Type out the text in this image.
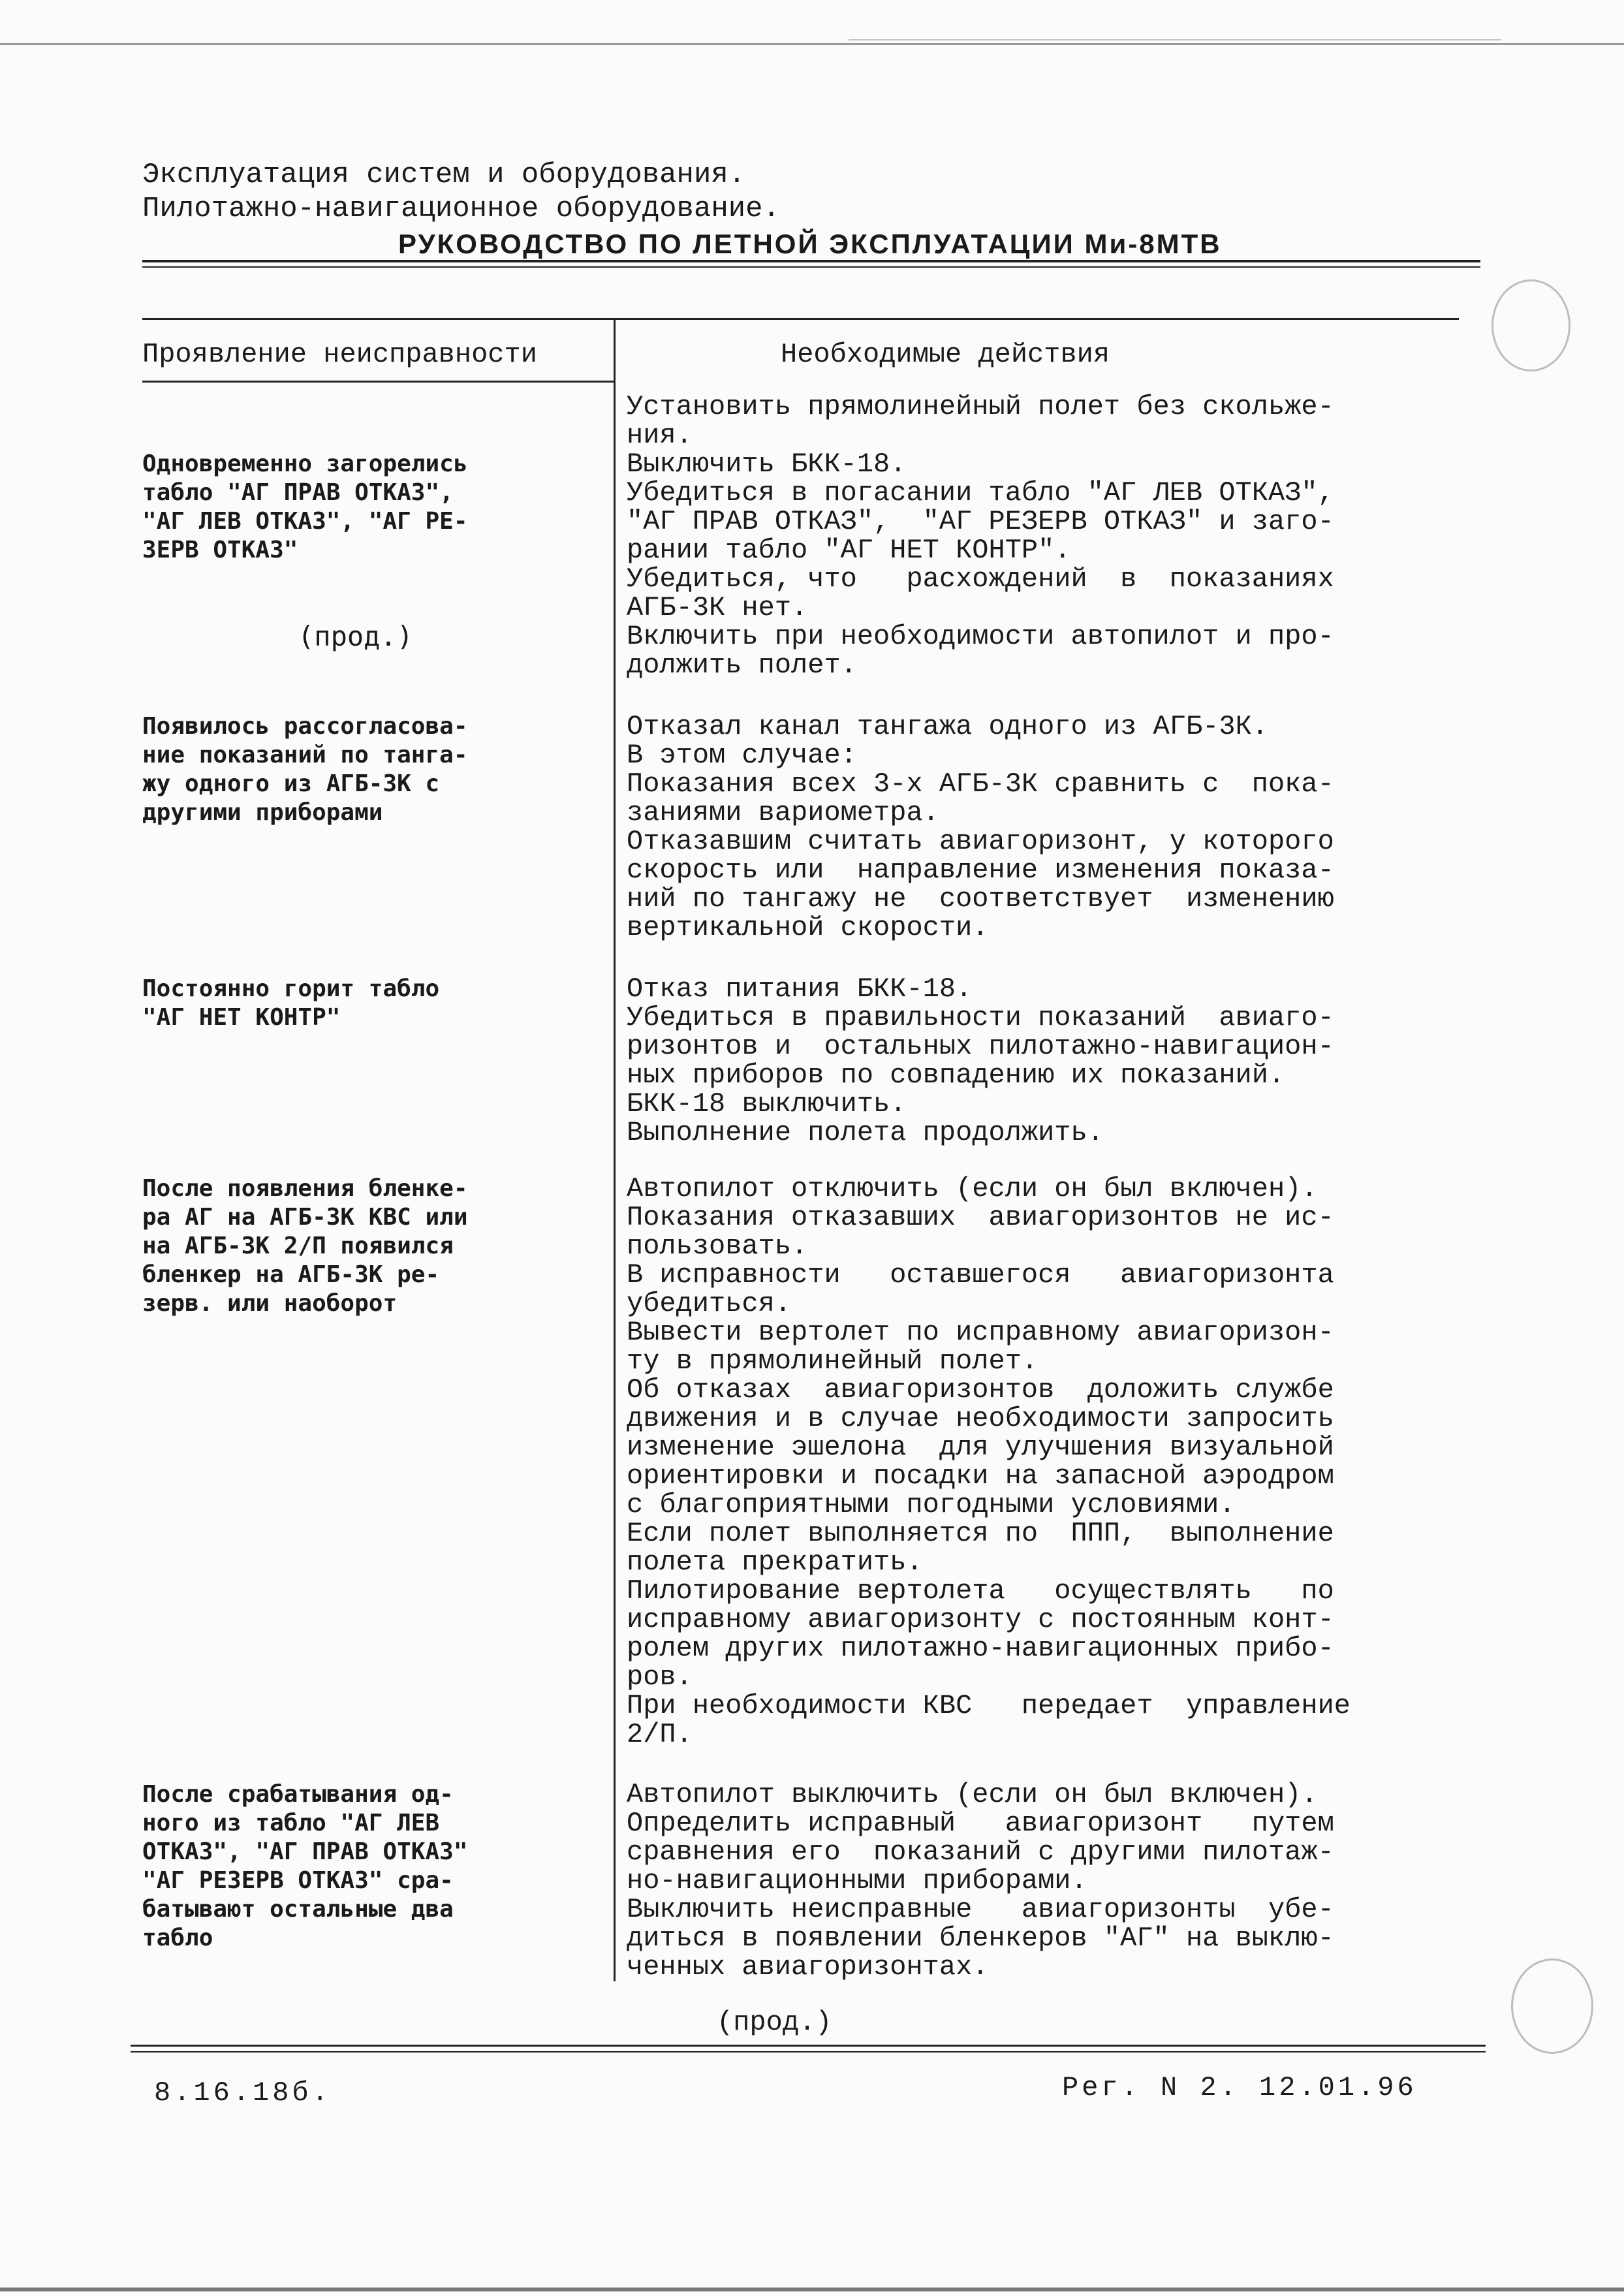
Эксплуатация систем и оборудования.
Пилотажно-навигационное оборудование.
РУКОВОДСТВО ПО ЛЕТНОЙ ЭКСПЛУАТАЦИИ Ми-8МТВ
Проявление неисправности	Необходимые действия

Одновременно загорелись
табло "АГ ПРАВ ОТКАЗ",
"АГ ЛЕВ ОТКАЗ", "АГ РЕ-
ЗЕРВ ОТКАЗ"

(прод.)

Установить прямолинейный полет без скольже-
ния.
Выключить БКК-18.
Убедиться в погасании табло "АГ ЛЕВ ОТКАЗ",
"АГ ПРАВ ОТКАЗ",  "АГ РЕЗЕРВ ОТКАЗ" и заго-
рании табло "АГ НЕТ КОНТР".
Убедиться, что   расхождений  в  показаниях
АГБ-3К нет.
Включить при необходимости автопилот и про-
должить полет.
Появилось рассогласова-
ние показаний по танга-
жу одного из АГБ-3К с
другими приборами
Отказал канал тангажа одного из АГБ-3К.
В этом случае:
Показания всех 3-х АГБ-3К сравнить с  пока-
заниями вариометра.
Отказавшим считать авиагоризонт, у которого
скорость или  направление изменения показа-
ний по тангажу не  соответствует  изменению
вертикальной скорости.
Постоянно горит табло
"АГ НЕТ КОНТР"
Отказ питания БКК-18.
Убедиться в правильности показаний  авиаго-
ризонтов и  остальных пилотажно-навигацион-
ных приборов по совпадению их показаний.
БКК-18 выключить.
Выполнение полета продолжить.
После появления бленке-
ра АГ на АГБ-3К КВС или
на АГБ-3К 2/П появился
бленкер на АГБ-3К ре-
зерв. или наоборот
Автопилот отключить (если он был включен).
Показания отказавших  авиагоризонтов не ис-
пользовать.
В исправности   оставшегося   авиагоризонта
убедиться.
Вывести вертолет по исправному авиагоризон-
ту в прямолинейный полет.
Об отказах  авиагоризонтов  доложить службе
движения и в случае необходимости запросить
изменение эшелона  для улучшения визуальной
ориентировки и посадки на запасной аэродром
с благоприятными погодными условиями.
Если полет выполняется по  ППП,  выполнение
полета прекратить.
Пилотирование вертолета   осуществлять   по
исправному авиагоризонту с постоянным конт-
ролем других пилотажно-навигационных прибо-
ров.
При необходимости КВС   передает  управление
2/П.
После срабатывания од-
ного из табло "АГ ЛЕВ
ОТКАЗ", "АГ ПРАВ ОТКАЗ"
"АГ РЕЗЕРВ ОТКАЗ" сра-
батывают остальные два
табло
Автопилот выключить (если он был включен).
Определить исправный   авиагоризонт   путем
сравнения его  показаний с другими пилотаж-
но-навигационными приборами.
Выключить неисправные   авиагоризонты  убе-
диться в появлении бленкеров "АГ" на выклю-
ченных авиагоризонтах.
(прод.)
8.16.18б.	Рег. N 2. 12.01.96
